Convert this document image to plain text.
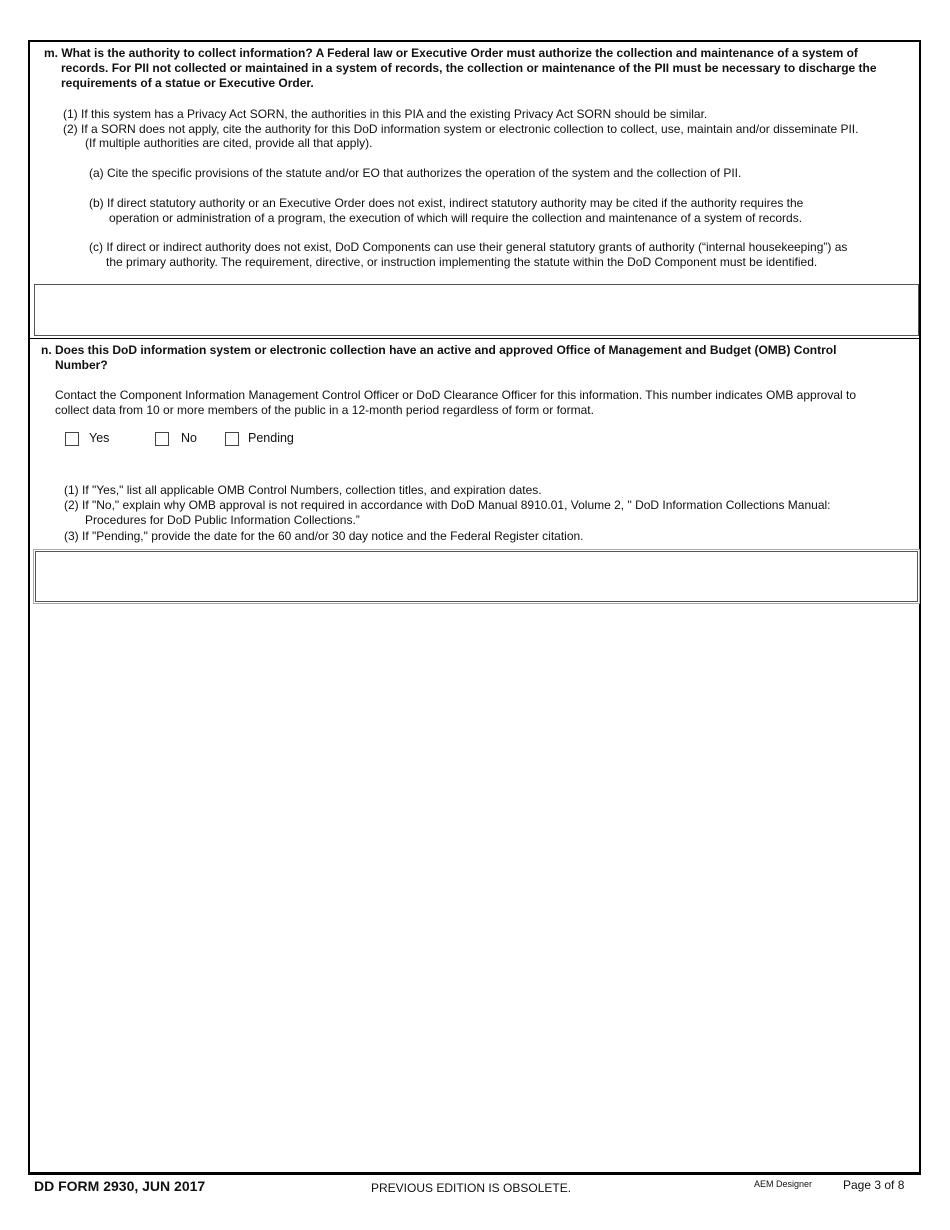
m. What is the authority to collect information? A Federal law or Executive Order must authorize the collection and maintenance of a system of
records. For PII not collected or maintained in a system of records, the collection or maintenance of the PII must be necessary to discharge the
requirements of a statue or Executive Order.
(1) If this system has a Privacy Act SORN, the authorities in this PIA and the existing Privacy Act SORN should be similar.
(2) If a SORN does not apply, cite the authority for this DoD information system or electronic collection to collect, use, maintain and/or disseminate PII.
(If multiple authorities are cited, provide all that apply).
(a) Cite the specific provisions of the statute and/or EO that authorizes the operation of the system and the collection of PII.
(b) If direct statutory authority or an Executive Order does not exist, indirect statutory authority may be cited if the authority requires the
operation or administration of a program, the execution of which will require the collection and maintenance of a system of records.
(c) If direct or indirect authority does not exist, DoD Components can use their general statutory grants of authority (“internal housekeeping”) as
the primary authority. The requirement, directive, or instruction implementing the statute within the DoD Component must be identified.
n. Does this DoD information system or electronic collection have an active and approved Office of Management and Budget (OMB) Control
Number?
Contact the Component Information Management Control Officer or DoD Clearance Officer for this information. This number indicates OMB approval to
collect data from 10 or more members of the public in a 12-month period regardless of form or format.
Yes	No	Pending
(1) If "Yes," list all applicable OMB Control Numbers, collection titles, and expiration dates.
(2) If "No," explain why OMB approval is not required in accordance with DoD Manual 8910.01, Volume 2, " DoD Information Collections Manual:
Procedures for DoD Public Information Collections.”
(3) If "Pending," provide the date for the 60 and/or 30 day notice and the Federal Register citation.
DD FORM 2930, JUN 2017	PREVIOUS EDITION IS OBSOLETE.	AEM Designer	Page 3 of 8
